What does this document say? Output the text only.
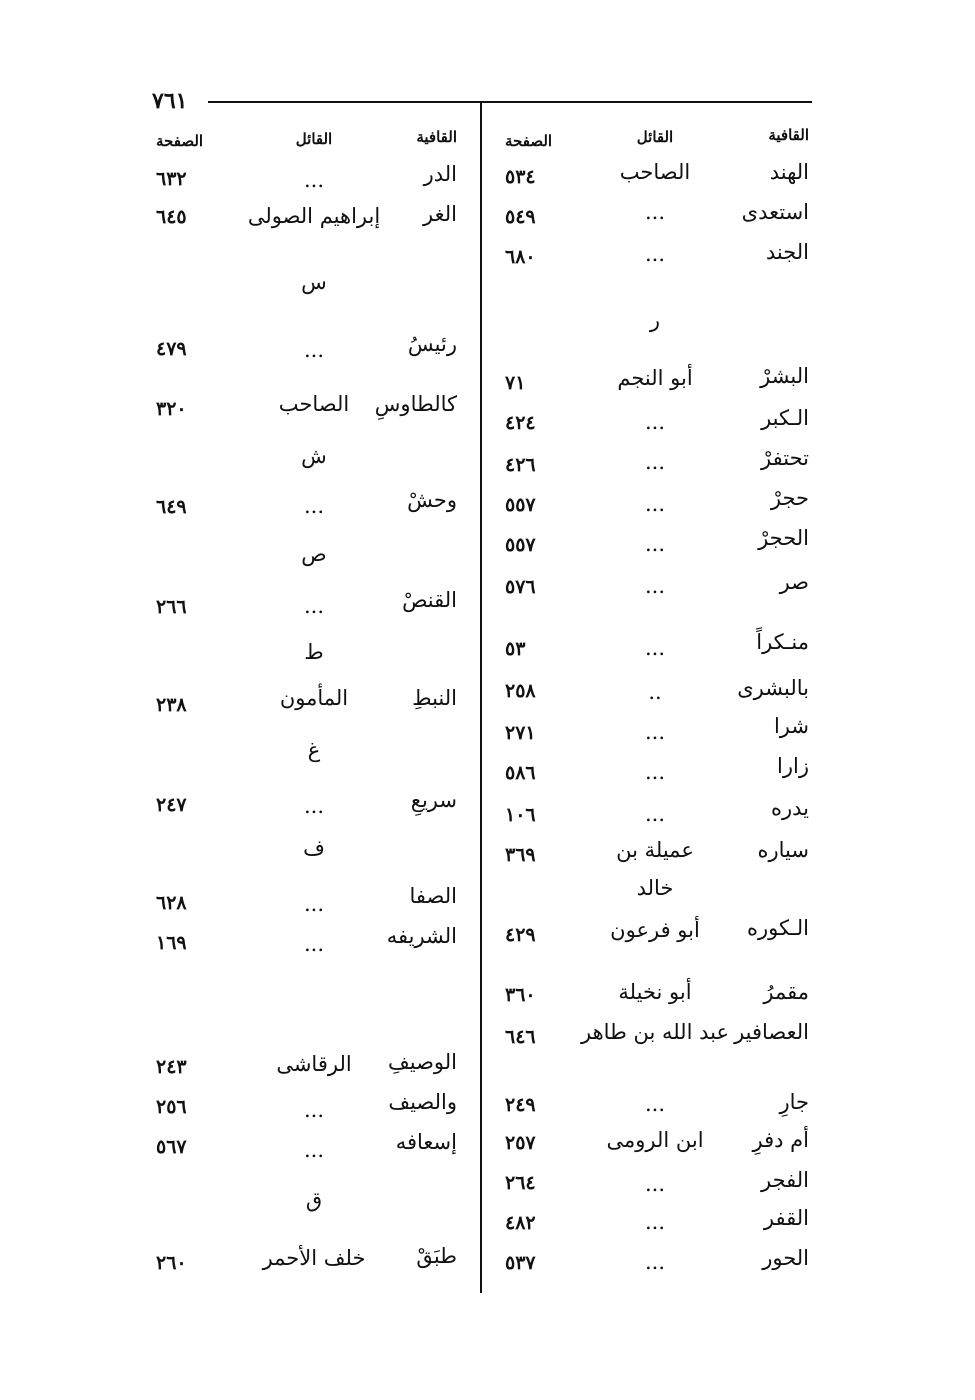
٧٦١
القافية
القائل
الصفحة
القافية
القائل
الصفحة
الهند
الصاحب
٥٣٤
استعدى
...
٥٤٩
الجند
...
٦٨٠
ر
البشرْ
أبو النجم
٧١
الـكبر
...
٤٢٤
تحتفرْ
...
٤٢٦
حجرْ
...
٥٥٧
الحجرْ
...
٥٥٧
صر
...
٥٧٦
منـكراً
...
٥٣
بالبشرى
..
٢٥٨
شرا
...
٢٧١
زارا
...
٥٨٦
يدره
...
١٠٦
سياره
عميلة بن
خالد
٣٦٩
الـكوره
أبو فرعون
٤٢٩
مقمرُ
أبو نخيلة
٣٦٠
العصافير
عبد الله بن طاهر
٦٤٦
جارِ
...
٢٤٩
أم دفرِ
ابن الرومى
٢٥٧
الفجر
...
٢٦٤
القفر
...
٤٨٢
الحور
...
٥٣٧
الدر
...
٦٣٢
الغر
إبراهيم الصولى
٦٤٥
س
رئيسُ
...
٤٧٩
كالطاوسِ
الصاحب
٣٢٠
ش
وحشْ
...
٦٤٩
ص
القنصْ
...
٢٦٦
ط
النبطِ
المأمون
٢٣٨
غ
سريعِ
...
٢٤٧
ف
الصفا
...
٦٢٨
الشريفه
...
١٦٩
الوصيفِ
الرقاشى
٢٤٣
والصيف
...
٢٥٦
إسعافه
...
٥٦٧
ق
طبَقْ
خلف الأحمر
٢٦٠
